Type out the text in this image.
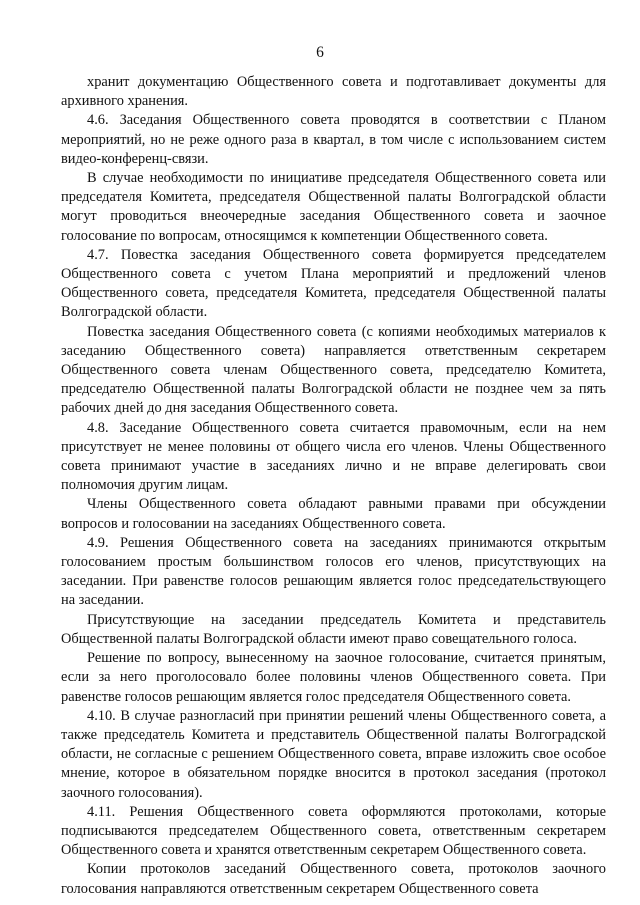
6

хранит документацию Общественного совета и подготавливает документы для архивного хранения.

4.6. Заседания Общественного совета проводятся в соответствии с Планом мероприятий, но не реже одного раза в квартал, в том числе с использованием систем видео-конференц-связи.

В случае необходимости по инициативе председателя Общественного совета или председателя Комитета, председателя Общественной палаты Волгоградской области могут проводиться внеочередные заседания Общественного совета и заочное голосование по вопросам, относящимся к компетенции Общественного совета.

4.7. Повестка заседания Общественного совета формируется председателем Общественного совета с учетом Плана мероприятий и предложений членов Общественного совета, председателя Комитета, председателя Общественной палаты Волгоградской области.

Повестка заседания Общественного совета (с копиями необходимых материалов к заседанию Общественного совета) направляется ответственным секретарем Общественного совета членам Общественного совета, председателю Комитета, председателю Общественной палаты Волгоградской области не позднее чем за пять рабочих дней до дня заседания Общественного совета.

4.8. Заседание Общественного совета считается правомочным, если на нем присутствует не менее половины от общего числа его членов. Члены Общественного совета принимают участие в заседаниях лично и не вправе делегировать свои полномочия другим лицам.

Члены Общественного совета обладают равными правами при обсуждении вопросов и голосовании на заседаниях Общественного совета.

4.9. Решения Общественного совета на заседаниях принимаются открытым голосованием простым большинством голосов его членов, присутствующих на заседании. При равенстве голосов решающим является голос председательствующего на заседании.

Присутствующие на заседании председатель Комитета и представитель Общественной палаты Волгоградской области имеют право совещательного голоса.

Решение по вопросу, вынесенному на заочное голосование, считается принятым, если за него проголосовало более половины членов Общественного совета. При равенстве голосов решающим является голос председателя Общественного совета.

4.10. В случае разногласий при принятии решений члены Общественного совета, а также председатель Комитета и представитель Общественной палаты Волгоградской области, не согласные с решением Общественного совета, вправе изложить свое особое мнение, которое в обязательном порядке вносится в протокол заседания (протокол заочного голосования).

4.11. Решения Общественного совета оформляются протоколами, которые подписываются председателем Общественного совета, ответственным секретарем Общественного совета и хранятся ответственным секретарем Общественного совета.

Копии протоколов заседаний Общественного совета, протоколов заочного голосования направляются ответственным секретарем Общественного совета
